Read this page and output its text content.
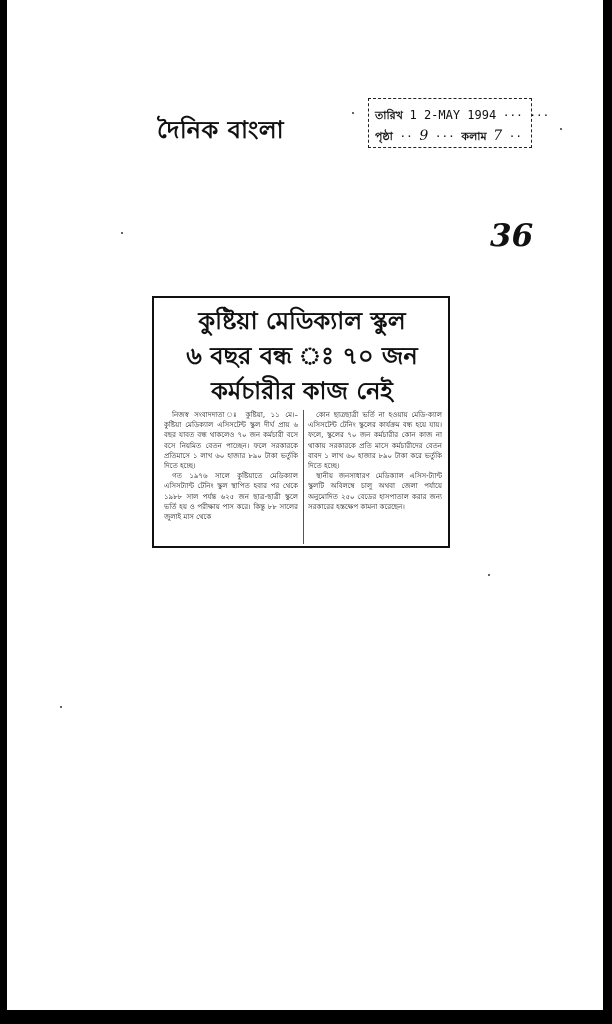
দৈনিক বাংলা
তারিখ 1 2-MAY 1994 ··· ···
পৃষ্ঠা ·· 9 ··· কলাম 7 ··
36
কুষ্টিয়া মেডিক্যাল স্কুল
৬ বছর বন্ধ ঃ ৭০ জন
কর্মচারীর কাজ নেই

নিজস্ব সংবাদদাতা ঃ কুষ্টিয়া, ১১ মে।–কুষ্টিয়া মেডিক্যাল এসিসটেন্ট স্কুল দীর্ঘ প্রায় ৬ বছর যাবত বন্ধ থাকলেও ৭০ জন কর্মচারী বসে বসে নিয়মিত বেতন পাচ্ছেন। ফলে সরকারকে প্রতিমাসে ১ লাখ ৬০ হাজার ৮৯০ টাকা ভর্তুকি দিতে হচ্ছে।

গত ১৯৭৬ সালে কুষ্টিয়াতে মেডিক্যাল এসিসট্যান্ট টেনিং স্কুল স্থাপিত হবার পর থেকে ১৯৮৮ সাল পর্যন্ত ৬২৫ জন ছাত্র-ছাত্রী স্কুলে ভর্তি হয় ও পরীক্ষায় পাস করে। কিন্তু ৮৮ সালের জুলাই মাস থেকে

কোন ছাত্রছাত্রী ভর্তি না হওয়ায় মেডি-ক্যাল এসিসটেন্ট টেনিং স্কুলের কার্যক্রম বন্ধ হয়ে যায়। ফলে, স্কুলের ৭০ জন কর্মচারীর কোন কাজ না থাকায় সরকারকে প্রতি মাসে কর্মচারীদের বেতন বাবদ ১ লাখ ৬০ হাজার ৮৯০ টাকা করে ভর্তুকি দিতে হচ্ছে।

স্থানীয় জনসাধারণ মেডিক্যাল এসিস-ট্যান্ট স্কুলটি অবিলম্বে চালু অথবা জেলা পর্যায়ে অনুমোদিত ২৫০ বেডের হাসপাতাল করার জন্য সরকারের হস্তক্ষেপ কামনা করেছেন।
